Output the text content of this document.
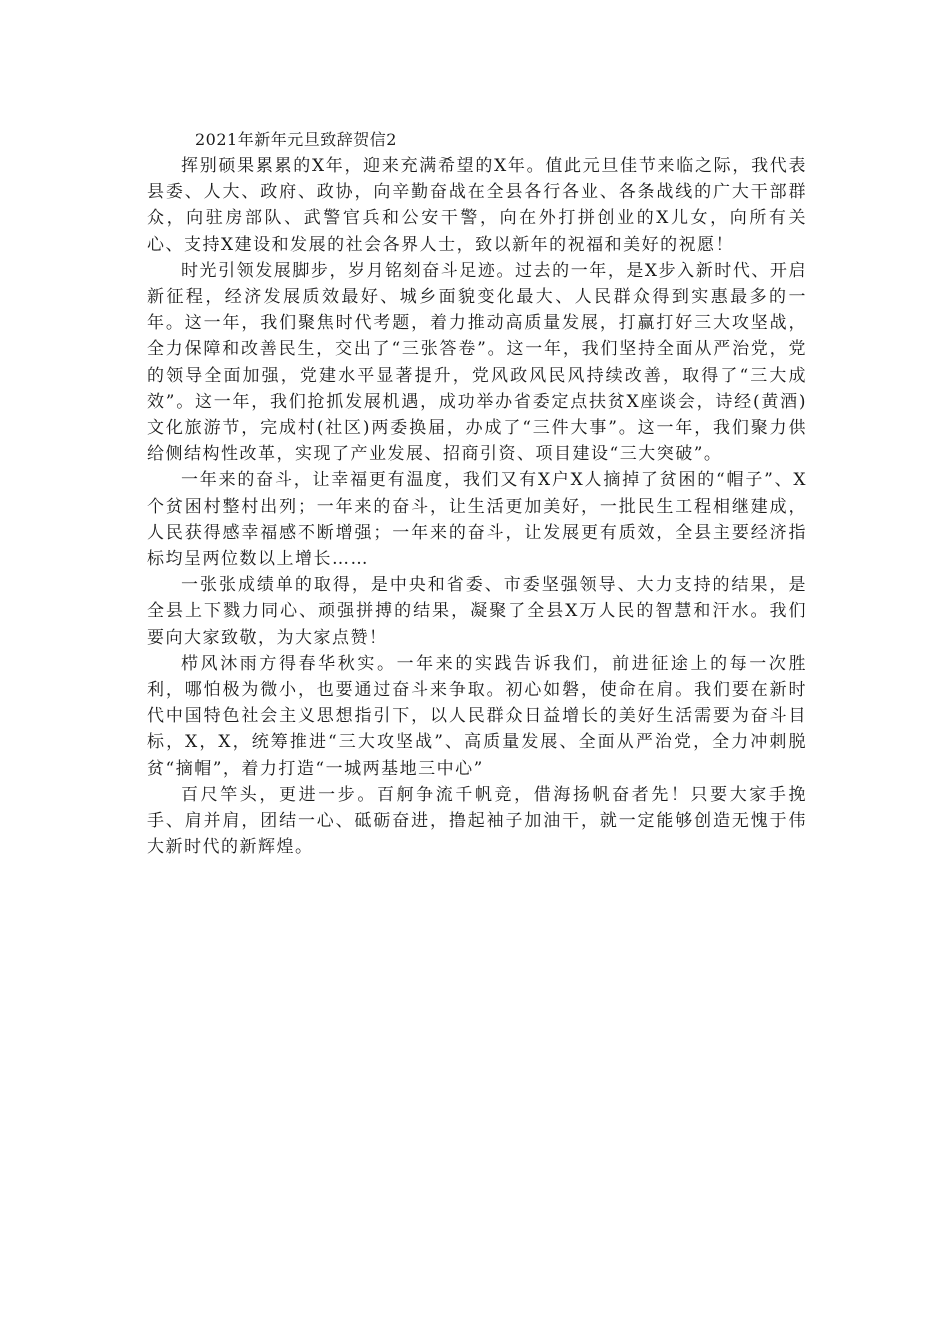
2021年新年元旦致辞贺信2

挥别硕果累累的X年，迎来充满希望的X年。值此元旦佳节来临之际，我代表县委、人大、政府、政协，向辛勤奋战在全县各行各业、各条战线的广大干部群众，向驻房部队、武警官兵和公安干警，向在外打拼创业的X儿女，向所有关心、支持X建设和发展的社会各界人士，致以新年的祝福和美好的祝愿！

时光引领发展脚步，岁月铭刻奋斗足迹。过去的一年，是X步入新时代、开启新征程，经济发展质效最好、城乡面貌变化最大、人民群众得到实惠最多的一年。这一年，我们聚焦时代考题，着力推动高质量发展，打赢打好三大攻坚战，全力保障和改善民生，交出了“三张答卷”。这一年，我们坚持全面从严治党，党的领导全面加强，党建水平显著提升，党风政风民风持续改善，取得了“三大成效”。这一年，我们抢抓发展机遇，成功举办省委定点扶贫X座谈会，诗经(黄酒)文化旅游节，完成村(社区)两委换届，办成了“三件大事”。这一年，我们聚力供给侧结构性改革，实现了产业发展、招商引资、项目建设“三大突破”。

一年来的奋斗，让幸福更有温度，我们又有X户X人摘掉了贫困的“帽子”、X个贫困村整村出列；一年来的奋斗，让生活更加美好，一批民生工程相继建成，人民获得感幸福感不断增强；一年来的奋斗，让发展更有质效，全县主要经济指标均呈两位数以上增长……

一张张成绩单的取得，是中央和省委、市委坚强领导、大力支持的结果，是全县上下戮力同心、顽强拼搏的结果，凝聚了全县X万人民的智慧和汗水。我们要向大家致敬，为大家点赞！

栉风沐雨方得春华秋实。一年来的实践告诉我们，前进征途上的每一次胜利，哪怕极为微小，也要通过奋斗来争取。初心如磐，使命在肩。我们要在新时代中国特色社会主义思想指引下，以人民群众日益增长的美好生活需要为奋斗目标，X，X，统筹推进“三大攻坚战”、高质量发展、全面从严治党，全力冲刺脱贫“摘帽”，着力打造“一城两基地三中心”

百尺竿头，更进一步。百舸争流千帆竞，借海扬帆奋者先！只要大家手挽手、肩并肩，团结一心、砥砺奋进，撸起袖子加油干，就一定能够创造无愧于伟大新时代的新辉煌。
